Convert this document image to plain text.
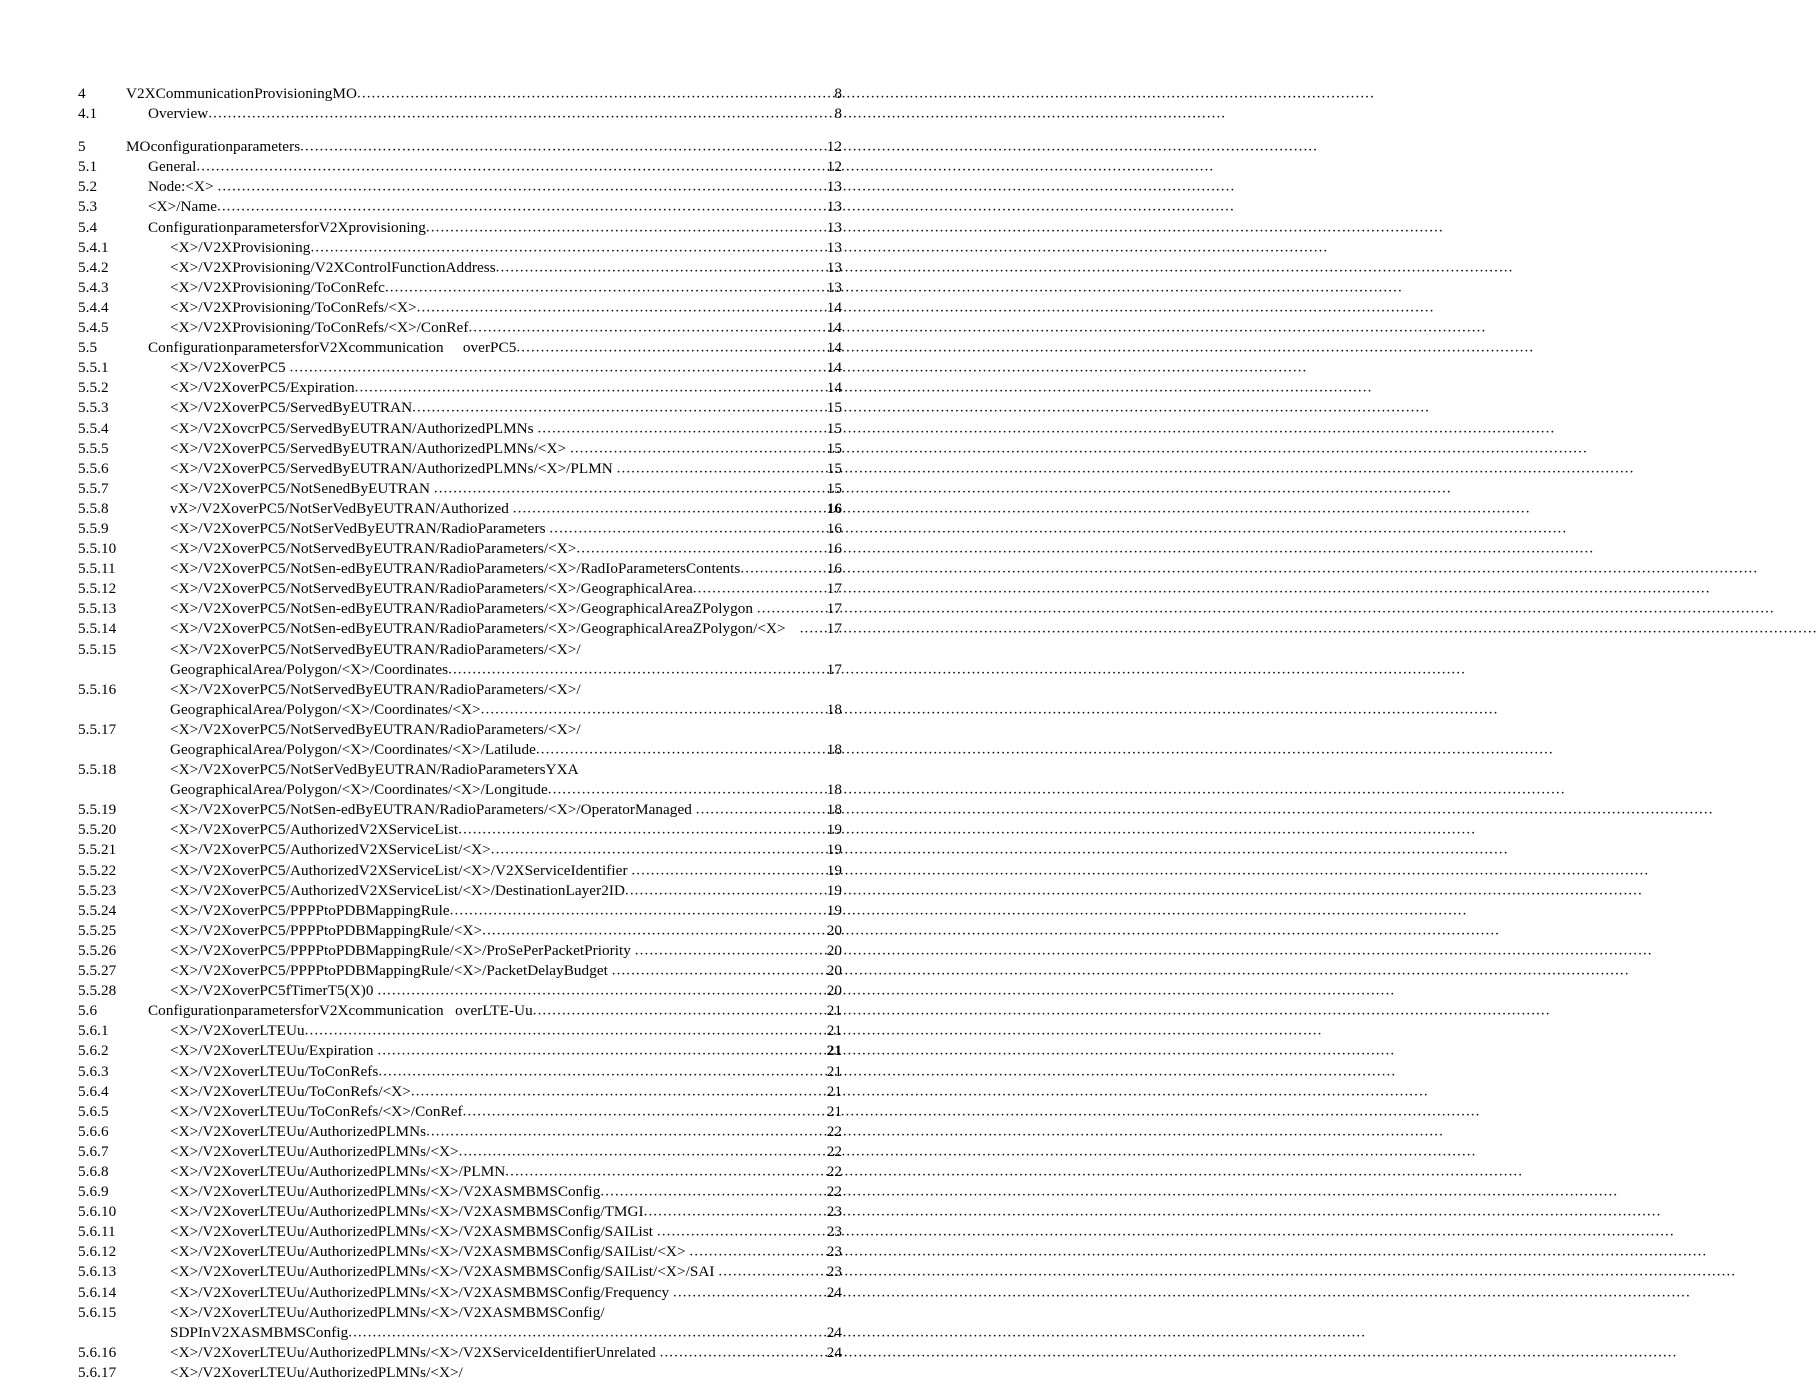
4	V2XCommunicationProvisioningMO .....	8
4.1	Overview .....	8
5	MOconfigurationparameters .....	12
5.1	General .....	12
5.2	Node:<X> .....	13
5.3	<X>/Name .....	13
5.4	ConfigurationparametersforV2Xprovisioning .....	13
5.4.1	<X>/V2XProvisioning .....	13
5.4.2	<X>/V2XProvisioning/V2XControlFunctionAddress .....	13
5.4.3	<X>/V2XProvisioning/ToConRefc .....	13
5.4.4	<X>/V2XProvisioning/ToConRefs/<X> .....	14
5.4.5	<X>/V2XProvisioning/ToConRefs/<X>/ConRef .....	14
5.5	ConfigurationparametersforV2Xcommunication     overPC5 .....	14
5.5.1	<X>/V2XoverPC5 .....	14
5.5.2	<X>/V2XoverPC5/Expiration .....	14
5.5.3	<X>/V2XoverPC5/ServedByEUTRAN .....	15
5.5.4	<X>/V2XovcrPC5/ServedByEUTRAN/AuthorizedPLMNs .....	15
5.5.5	<X>/V2XoverPC5/ServedByEUTRAN/AuthorizedPLMNs/<X> .....	15
5.5.6	<X>/V2XoverPC5/ServedByEUTRAN/AuthorizedPLMNs/<X>/PLMN .....	15
5.5.7	<X>/V2XoverPC5/NotSenedByEUTRAN .....	15
5.5.8	vX>/V2XoverPC5/NotSerVedByEUTRAN/Authorized .....	16
5.5.9	<X>/V2XoverPC5/NotSerVedByEUTRAN/RadioParameters .....	16
5.5.10	<X>/V2XoverPC5/NotServedByEUTRAN/RadioParameters/<X> .....	16
5.5.11	<X>/V2XoverPC5/NotSen-edByEUTRAN/RadioParameters/<X>/RadIoParametersContents .....	16
5.5.12	<X>/V2XoverPC5/NotServedByEUTRAN/RadioParameters/<X>/GeographicalArea .....	17
5.5.13	<X>/V2XoverPC5/NotSen-edByEUTRAN/RadioParameters/<X>/GeographicalAreaZPolygon .....	17
5.5.14	<X>/V2XoverPC5/NotSen-edByEUTRAN/RadioParameters/<X>/GeographicalAreaZPolygon/<X> .....	17
5.5.15	<X>/V2XoverPC5/NotServedByEUTRAN/RadioParameters/<X>/
GeographicalArea/Polygon/<X>/Coordinates .....	17
5.5.16	<X>/V2XoverPC5/NotServedByEUTRAN/RadioParameters/<X>/
GeographicalArea/Polygon/<X>/Coordinates/<X> .....	18
5.5.17	<X>/V2XoverPC5/NotServedByEUTRAN/RadioParameters/<X>/
GeographicalArea/Polygon/<X>/Coordinates/<X>/Latilude .....	18
5.5.18	<X>/V2XoverPC5/NotSerVedByEUTRAN/RadioParametersYXA
GeographicalArea/Polygon/<X>/Coordinates/<X>/Longitude .....	18
5.5.19	<X>/V2XoverPC5/NotSen-edByEUTRAN/RadioParameters/<X>/OperatorManaged .....	18
5.5.20	<X>/V2XoverPC5/AuthorizedV2XServiceList .....	19
5.5.21	<X>/V2XoverPC5/AuthorizedV2XServiceList/<X> .....	19
5.5.22	<X>/V2XoverPC5/AuthorizedV2XServiceList/<X>/V2XServiceIdentifier .....	19
5.5.23	<X>/V2XoverPC5/AuthorizedV2XServiceList/<X>/DestinationLayer2ID .....	19
5.5.24	<X>/V2XoverPC5/PPPPtoPDBMappingRule .....	19
5.5.25	<X>/V2XoverPC5/PPPPtoPDBMappingRule/<X> .....	20
5.5.26	<X>/V2XoverPC5/PPPPtoPDBMappingRule/<X>/ProSePerPacketPriority .....	20
5.5.27	<X>/V2XoverPC5/PPPPtoPDBMappingRule/<X>/PacketDelayBudget .....	20
5.5.28	<X>/V2XoverPC5fTimerT5(X)0 .....	20
5.6	ConfigurationparametersforV2Xcommunication   overLTE-Uu .....	21
5.6.1	<X>/V2XoverLTEUu .....	21
5.6.2	<X>/V2XoverLTEUu/Expiration .....	21
5.6.3	<X>/V2XoverLTEUu/ToConRefs .....	21
5.6.4	<X>/V2XoverLTEUu/ToConRefs/<X> .....	21
5.6.5	<X>/V2XoverLTEUu/ToConRefs/<X>/ConRef .....	21
5.6.6	<X>/V2XoverLTEUu/AuthorizedPLMNs .....	22
5.6.7	<X>/V2XoverLTEUu/AuthorizedPLMNs/<X> .....	22
5.6.8	<X>/V2XoverLTEUu/AuthorizedPLMNs/<X>/PLMN .....	22
5.6.9	<X>/V2XoverLTEUu/AuthorizedPLMNs/<X>/V2XASMBMSConfig .....	22
5.6.10	<X>/V2XoverLTEUu/AuthorizedPLMNs/<X>/V2XASMBMSConfig/TMGI .....	23
5.6.11	<X>/V2XoverLTEUu/AuthorizedPLMNs/<X>/V2XASMBMSConfig/SAIList .....	23
5.6.12	<X>/V2XoverLTEUu/AuthorizedPLMNs/<X>/V2XASMBMSConfig/SAIList/<X> .....	23
5.6.13	<X>/V2XoverLTEUu/AuthorizedPLMNs/<X>/V2XASMBMSConfig/SAIList/<X>/SAI .....	23
5.6.14	<X>/V2XoverLTEUu/AuthorizedPLMNs/<X>/V2XASMBMSConfig/Frequency .....	24
5.6.15	<X>/V2XoverLTEUu/AuthorizedPLMNs/<X>/V2XASMBMSConfig/
SDPInV2XASMBMSConfig .....	24
5.6.16	<X>/V2XoverLTEUu/AuthorizedPLMNs/<X>/V2XServiceIdentifierUnrelated .....	24
5.6.17	<X>/V2XoverLTEUu/AuthorizedPLMNs/<X>/
